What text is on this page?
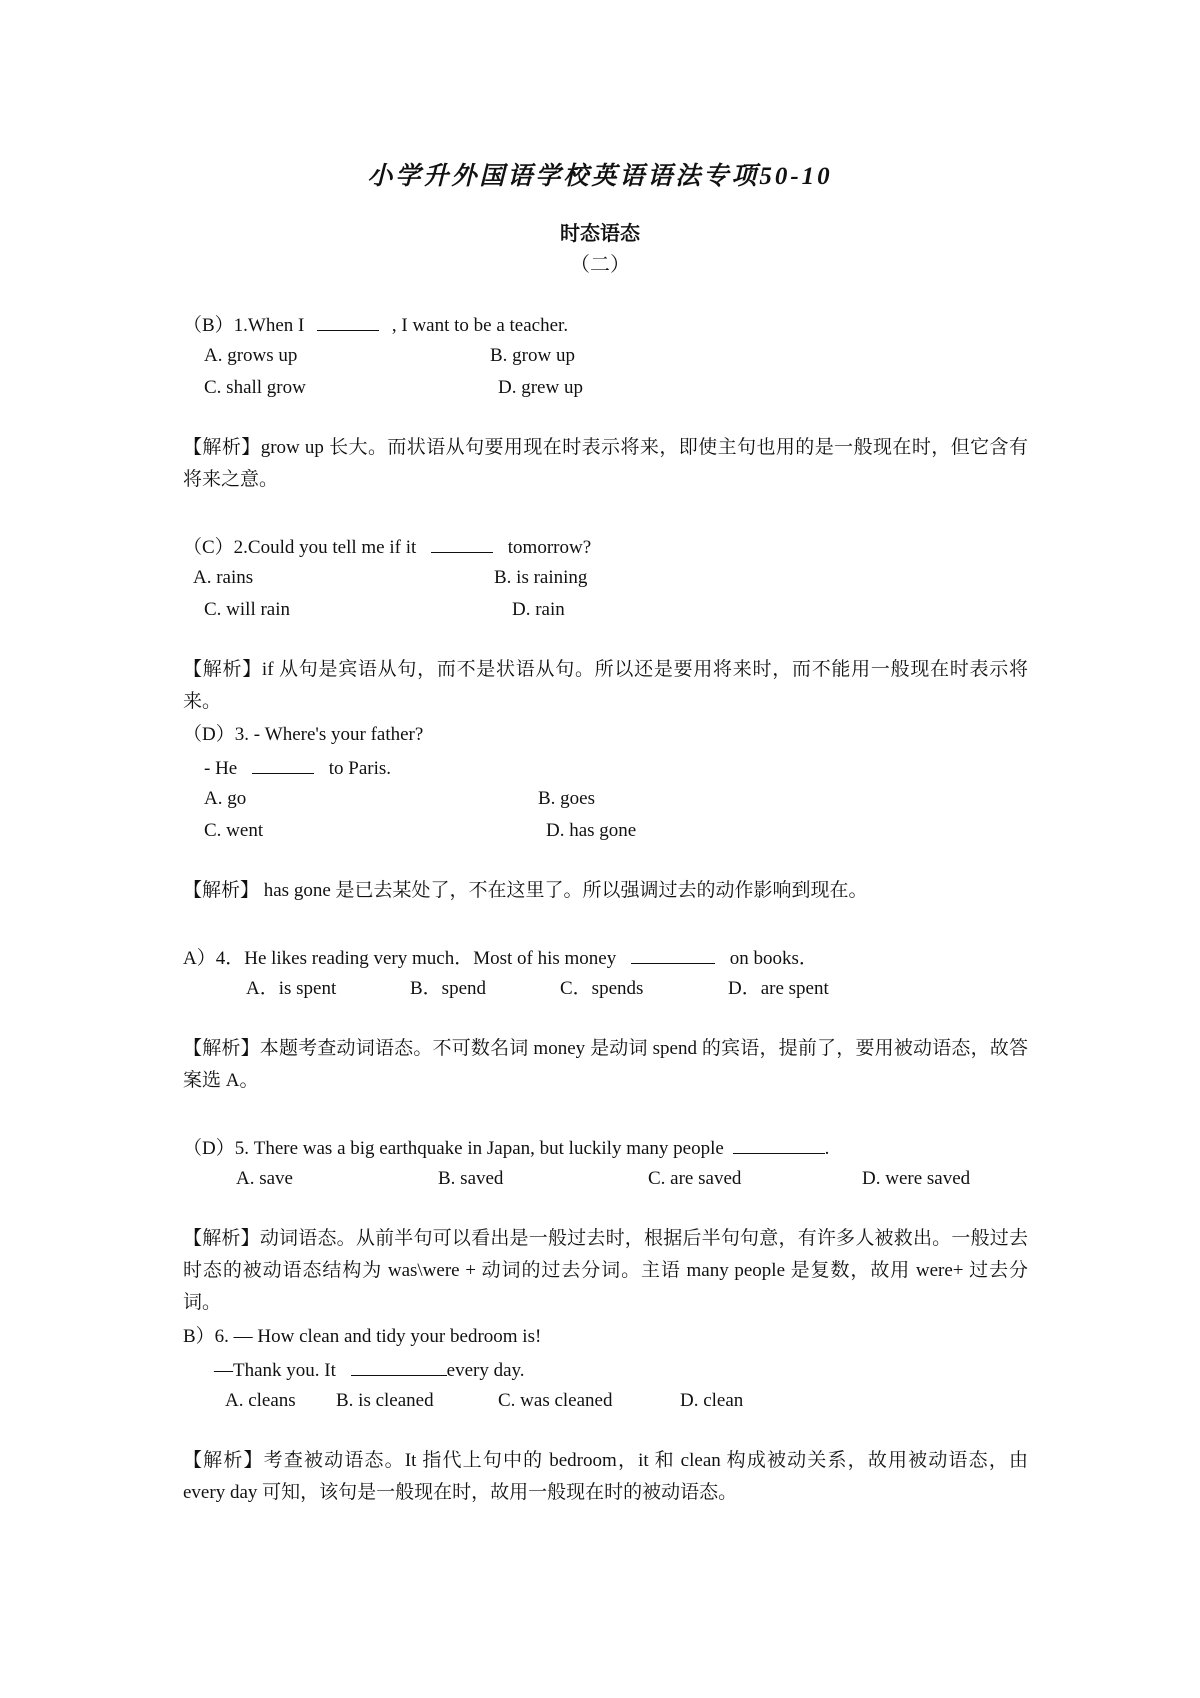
小学升外国语学校英语语法专项50-10
时态语态
（二）
（B）1.When I	, I want to be a teacher.
A. grows up	B. grow up
C. shall grow	D. grew up
【解析】grow up 长大。而状语从句要用现在时表示将来，即使主句也用的是一般现在时，但它含有将来之意。
（C）2.Could you tell me if it	tomorrow?
A. rains	B. is raining
C. will rain	D. rain
【解析】if 从句是宾语从句，而不是状语从句。所以还是要用将来时，而不能用一般现在时表示将来。
（D）3. - Where's your father?
- He	to Paris.
A. go	B. goes
C. went	D. has gone
【解析】 has gone 是已去某处了，不在这里了。所以强调过去的动作影响到现在。
A）4．He likes reading very much．Most of his money	on books．
A．is spent	B．spend	C．spends	D．are spent
【解析】本题考查动词语态。不可数名词 money 是动词 spend 的宾语，提前了，要用被动语态，故答案选 A。
（D）5. There was a big earthquake in Japan, but luckily many people	.
A. save	B. saved	C. are saved	D. were saved
【解析】动词语态。从前半句可以看出是一般过去时，根据后半句句意，有许多人被救出。一般过去时态的被动语态结构为 was\were + 动词的过去分词。主语 many people 是复数，故用 were+ 过去分词。
B）6. — How clean and tidy your bedroom is!
—Thank you. It	every day.
A. cleans B. is cleaned	C. was cleaned	D. clean
【解析】考查被动语态。It 指代上句中的 bedroom，it 和 clean 构成被动关系，故用被动语态，由 every day 可知，该句是一般现在时，故用一般现在时的被动语态。
